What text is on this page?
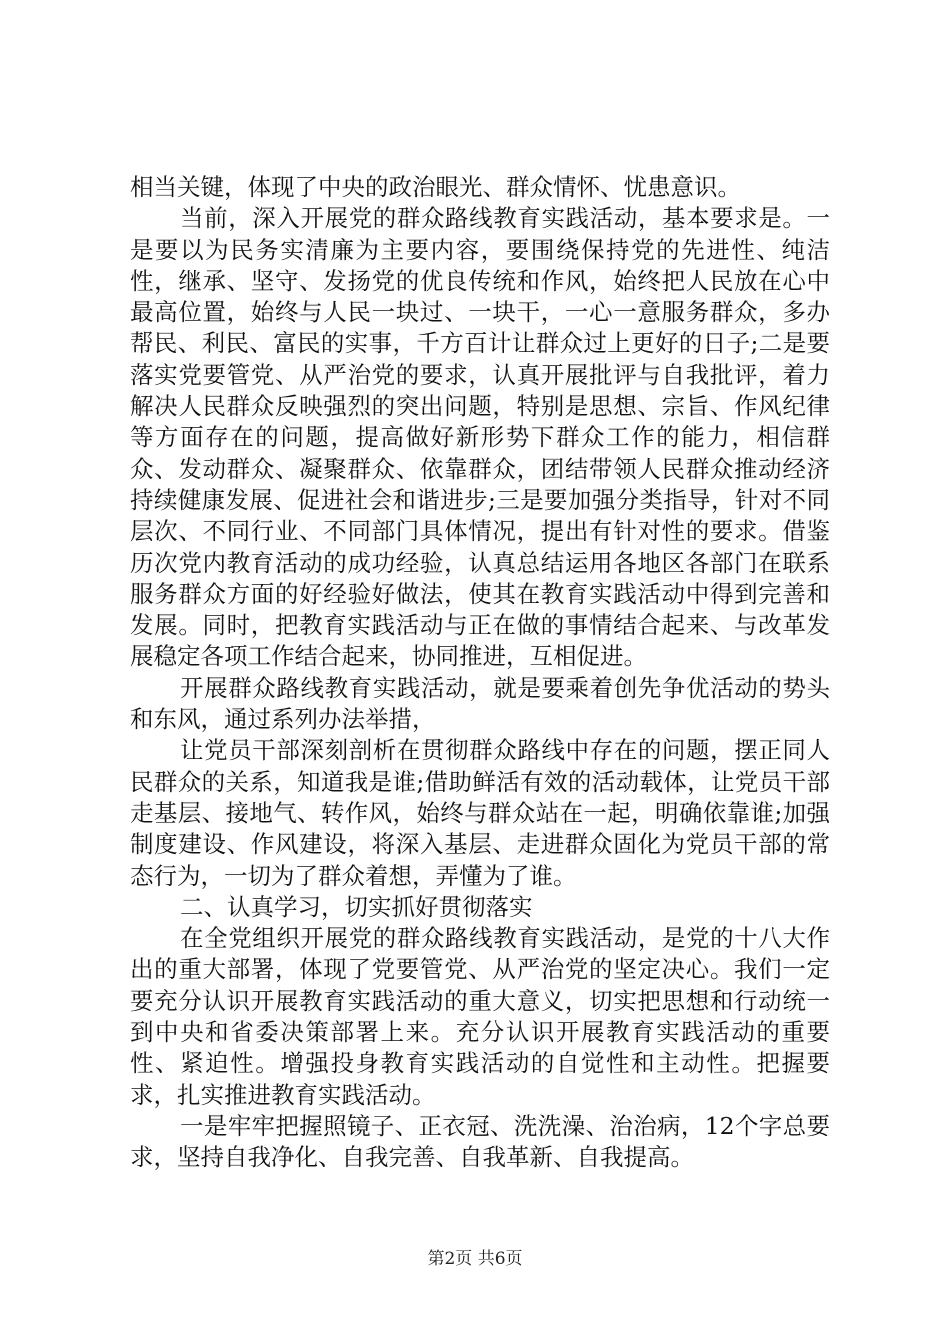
相当关键，体现了中央的政治眼光、群众情怀、忧患意识。

当前，深入开展党的群众路线教育实践活动，基本要求是。一是要以为民务实清廉为主要内容，要围绕保持党的先进性、纯洁性，继承、坚守、发扬党的优良传统和作风，始终把人民放在心中最高位置，始终与人民一块过、一块干，一心一意服务群众，多办帮民、利民、富民的实事，千方百计让群众过上更好的日子;二是要落实党要管党、从严治党的要求，认真开展批评与自我批评，着力解决人民群众反映强烈的突出问题，特别是思想、宗旨、作风纪律等方面存在的问题，提高做好新形势下群众工作的能力，相信群众、发动群众、凝聚群众、依靠群众，团结带领人民群众推动经济持续健康发展、促进社会和谐进步;三是要加强分类指导，针对不同层次、不同行业、不同部门具体情况，提出有针对性的要求。借鉴历次党内教育活动的成功经验，认真总结运用各地区各部门在联系服务群众方面的好经验好做法，使其在教育实践活动中得到完善和发展。同时，把教育实践活动与正在做的事情结合起来、与改革发展稳定各项工作结合起来，协同推进，互相促进。

开展群众路线教育实践活动，就是要乘着创先争优活动的势头和东风，通过系列办法举措，

让党员干部深刻剖析在贯彻群众路线中存在的问题，摆正同人民群众的关系，知道我是谁;借助鲜活有效的活动载体，让党员干部走基层、接地气、转作风，始终与群众站在一起，明确依靠谁;加强制度建设、作风建设，将深入基层、走进群众固化为党员干部的常态行为，一切为了群众着想，弄懂为了谁。

二、认真学习，切实抓好贯彻落实

在全党组织开展党的群众路线教育实践活动，是党的十八大作出的重大部署，体现了党要管党、从严治党的坚定决心。我们一定要充分认识开展教育实践活动的重大意义，切实把思想和行动统一到中央和省委决策部署上来。充分认识开展教育实践活动的重要性、紧迫性。增强投身教育实践活动的自觉性和主动性。把握要求，扎实推进教育实践活动。

一是牢牢把握照镜子、正衣冠、洗洗澡、治治病，12个字总要求，坚持自我净化、自我完善、自我革新、自我提高。

第2页 共6页
